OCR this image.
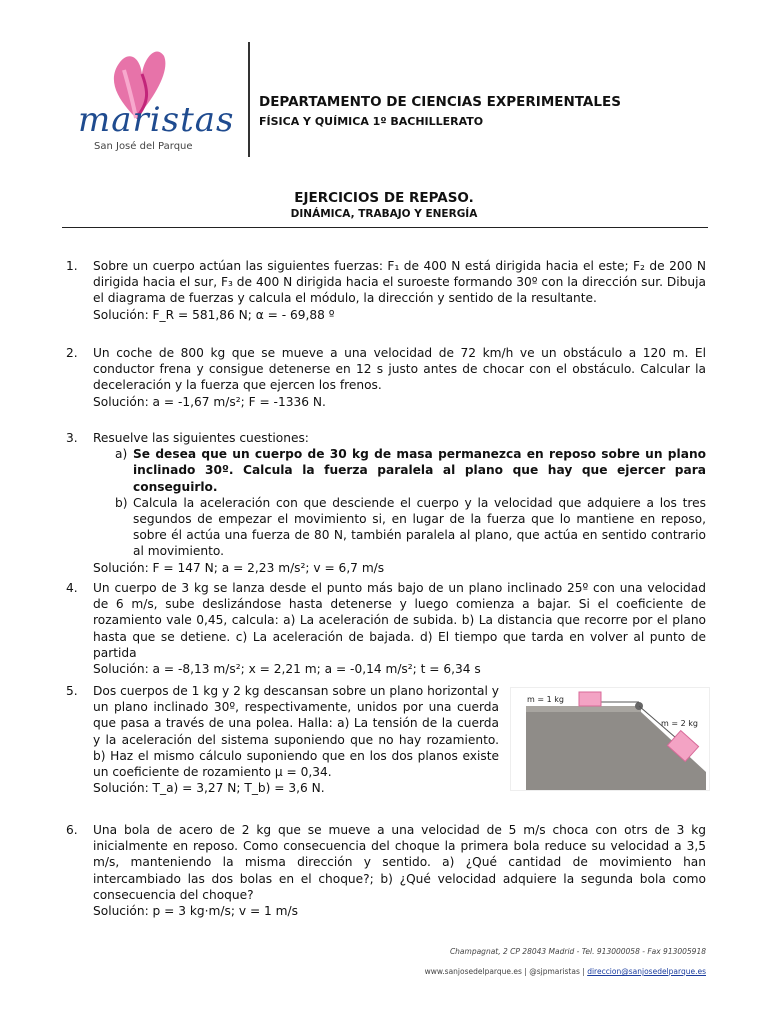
maristas
San José del Parque
DEPARTAMENTO DE CIENCIAS EXPERIMENTALES
FÍSICA Y QUÍMICA 1º BACHILLERATO
EJERCICIOS DE REPASO.
DINÁMICA, TRABAJO Y ENERGÍA
1.	Sobre un cuerpo actúan las siguientes fuerzas: F₁ de 400 N está dirigida hacia el este; F₂ de 200 N dirigida hacia el sur, F₃ de 400 N dirigida hacia el suroeste formando 30º con la dirección sur. Dibuja el diagrama de fuerzas y calcula el módulo, la dirección y sentido de la resultante.

Solución: F_R = 581,86 N; α = - 69,88 º

2.	Un coche de 800 kg que se mueve a una velocidad de 72 km/h ve un obstáculo a 120 m. El conductor frena y consigue detenerse en 12 s justo antes de chocar con el obstáculo. Calcular la deceleración y la fuerza que ejercen los frenos.

Solución: a = -1,67 m/s²; F = -1336 N.

3.	Resuelve las siguientes cuestiones:

a) Se desea que un cuerpo de 30 kg de masa permanezca en reposo sobre un plano inclinado 30º. Calcula la fuerza paralela al plano que hay que ejercer para conseguirlo.

b) Calcula la aceleración con que desciende el cuerpo y la velocidad que adquiere a los tres segundos de empezar el movimiento si, en lugar de la fuerza que lo mantiene en reposo, sobre él actúa una fuerza de 80 N, también paralela al plano, que actúa en sentido contrario al movimiento.

Solución: F = 147 N; a = 2,23 m/s²; v = 6,7 m/s

4.	Un cuerpo de 3 kg se lanza desde el punto más bajo de un plano inclinado 25º con una velocidad de 6 m/s, sube deslizándose hasta detenerse y luego comienza a bajar. Si el coeficiente de rozamiento vale 0,45, calcula: a) La aceleración de subida. b) La distancia que recorre por el plano hasta que se detiene. c) La aceleración de bajada. d) El tiempo que tarda en volver al punto de partida

Solución: a = -8,13 m/s²; x = 2,21 m; a = -0,14 m/s²; t = 6,34 s

5.	Dos cuerpos de 1 kg y 2 kg descansan sobre un plano horizontal y un plano inclinado 30º, respectivamente, unidos por una cuerda que pasa a través de una polea. Halla: a) La tensión de la cuerda y la aceleración del sistema suponiendo que no hay rozamiento. b) Haz el mismo cálculo suponiendo que en los dos planos existe un coeficiente de rozamiento μ = 0,34.

Solución: T_a) = 3,27 N; T_b) = 3,6 N.

m = 1 kg
m = 2 kg
6.	Una bola de acero de 2 kg que se mueve a una velocidad de 5 m/s choca con otrs de 3 kg inicialmente en reposo. Como consecuencia del choque la primera bola reduce su velocidad a 3,5 m/s, manteniendo la misma dirección y sentido. a) ¿Qué cantidad de movimiento han intercambiado las dos bolas en el choque?; b) ¿Qué velocidad adquiere la segunda bola como consecuencia del choque?

Solución: p = 3 kg·m/s; v = 1 m/s

Champagnat, 2 CP 28043 Madrid - Tel. 913000058 - Fax 913005918
www.sanjosedelparque.es | @sjpmaristas | direccion@sanjosedelparque.es
